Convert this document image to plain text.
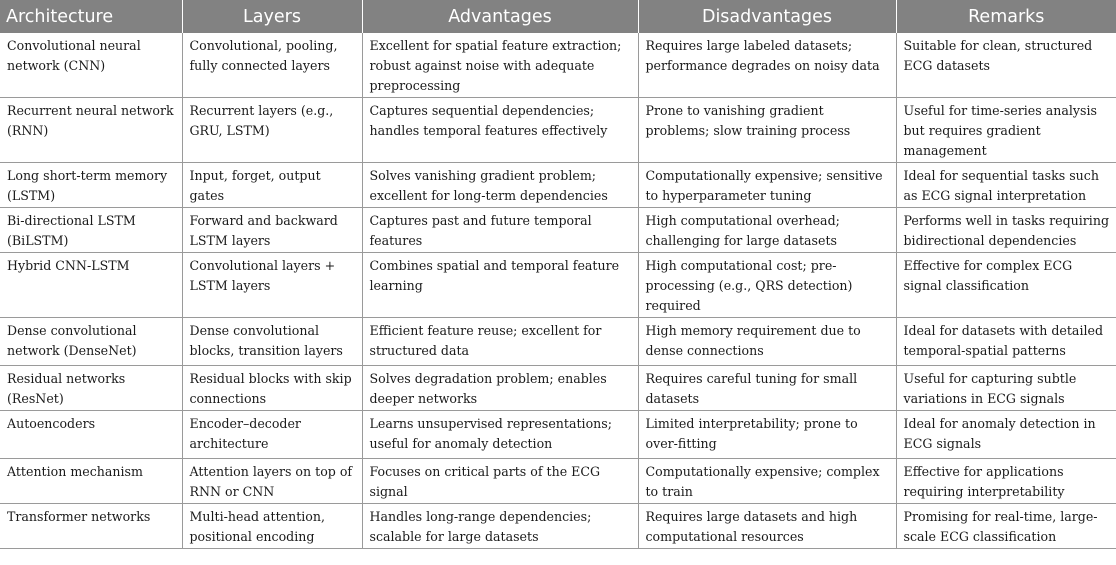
Architecture	Layers	Advantages	Disadvantages	Remarks
Convolutional neural network (CNN)	Convolutional, pooling, fully connected layers	Excellent for spatial feature extraction; robust against noise with adequate preprocessing	Requires large labeled datasets; performance degrades on noisy data	Suitable for clean, structured ECG datasets
Recurrent neural network (RNN)	Recurrent layers (e.g., GRU, LSTM)	Captures sequential dependencies; handles temporal features effectively	Prone to vanishing gradient problems; slow training process	Useful for time-series analysis but requires gradient management
Long short-term memory (LSTM)	Input, forget, output gates	Solves vanishing gradient problem; excellent for long-term dependencies	Computationally expensive; sensitive to hyperparameter tuning	Ideal for sequential tasks such as ECG signal interpretation
Bi-directional LSTM (BiLSTM)	Forward and backward LSTM layers	Captures past and future temporal features	High computational overhead; challenging for large datasets	Performs well in tasks requiring bidirectional dependencies
Hybrid CNN-LSTM	Convolutional layers + LSTM layers	Combines spatial and temporal feature learning	High computational cost; pre-processing (e.g., QRS detection) required	Effective for complex ECG signal classification
Dense convolutional network (DenseNet)	Dense convolutional blocks, transition layers	Efficient feature reuse; excellent for structured data	High memory requirement due to dense connections	Ideal for datasets with detailed temporal-spatial patterns
Residual networks (ResNet)	Residual blocks with skip connections	Solves degradation problem; enables deeper networks	Requires careful tuning for small datasets	Useful for capturing subtle variations in ECG signals
Autoencoders	Encoder–decoder architecture	Learns unsupervised representations; useful for anomaly detection	Limited interpretability; prone to over-fitting	Ideal for anomaly detection in ECG signals
Attention mechanism	Attention layers on top of RNN or CNN	Focuses on critical parts of the ECG signal	Computationally expensive; complex to train	Effective for applications requiring interpretability
Transformer networks	Multi-head attention, positional encoding	Handles long-range dependencies; scalable for large datasets	Requires large datasets and high computational resources	Promising for real-time, large-scale ECG classification
